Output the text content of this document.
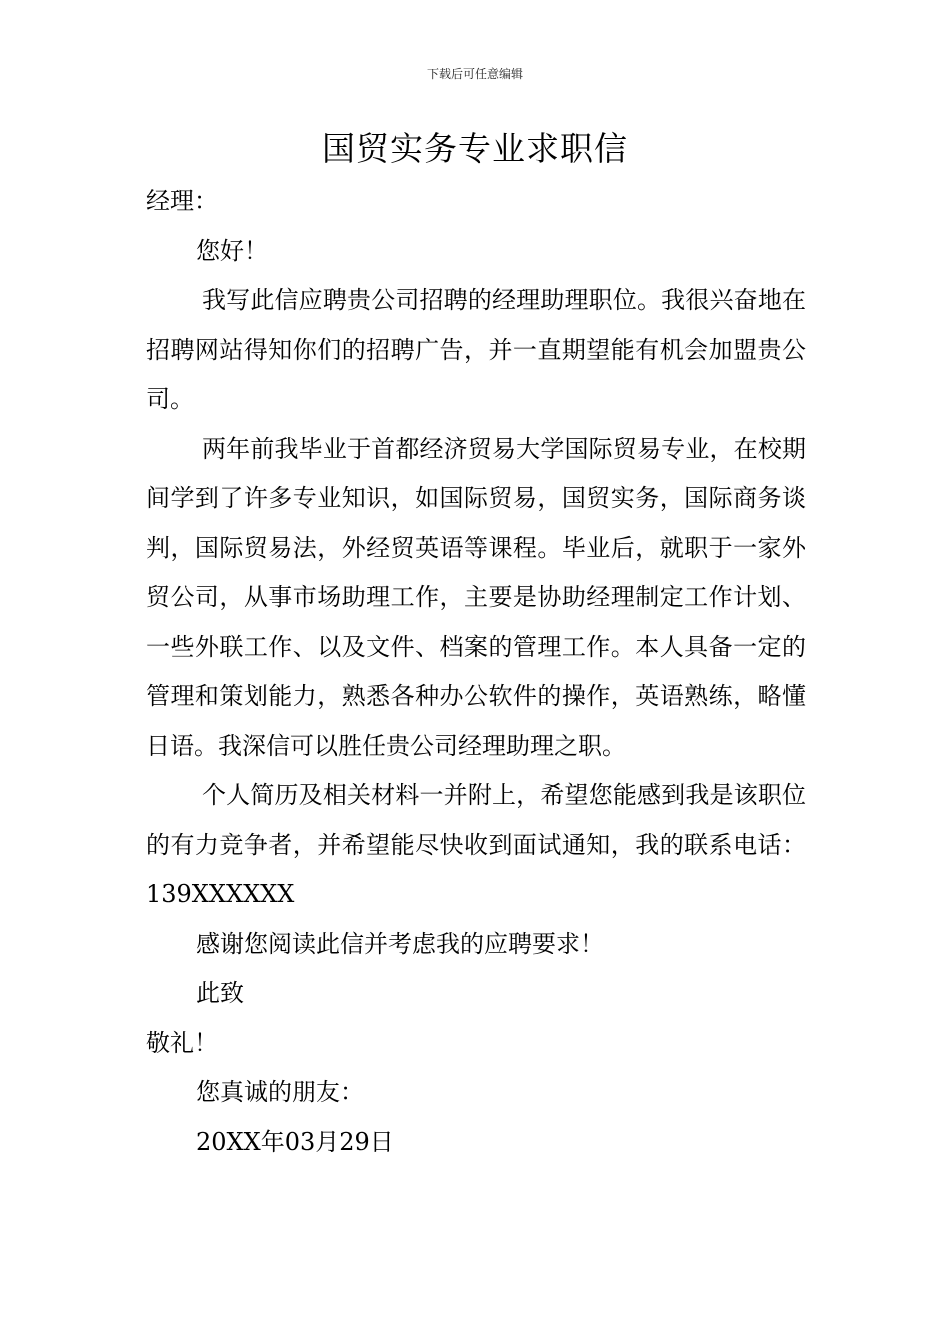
下载后可任意编辑
国贸实务专业求职信

经理：

您好！

我写此信应聘贵公司招聘的经理助理职位。我很兴奋地在招聘网站得知你们的招聘广告，并一直期望能有机会加盟贵公司。

两年前我毕业于首都经济贸易大学国际贸易专业，在校期间学到了许多专业知识，如国际贸易，国贸实务，国际商务谈判，国际贸易法，外经贸英语等课程。毕业后，就职于一家外贸公司，从事市场助理工作，主要是协助经理制定工作计划、一些外联工作、以及文件、档案的管理工作。本人具备一定的管理和策划能力，熟悉各种办公软件的操作，英语熟练，略懂日语。我深信可以胜任贵公司经理助理之职。

个人简历及相关材料一并附上，希望您能感到我是该职位的有力竞争者，并希望能尽快收到面试通知，我的联系电话：139XXXXXX

感谢您阅读此信并考虑我的应聘要求！

此致

敬礼！

您真诚的朋友：

20XX年03月29日
